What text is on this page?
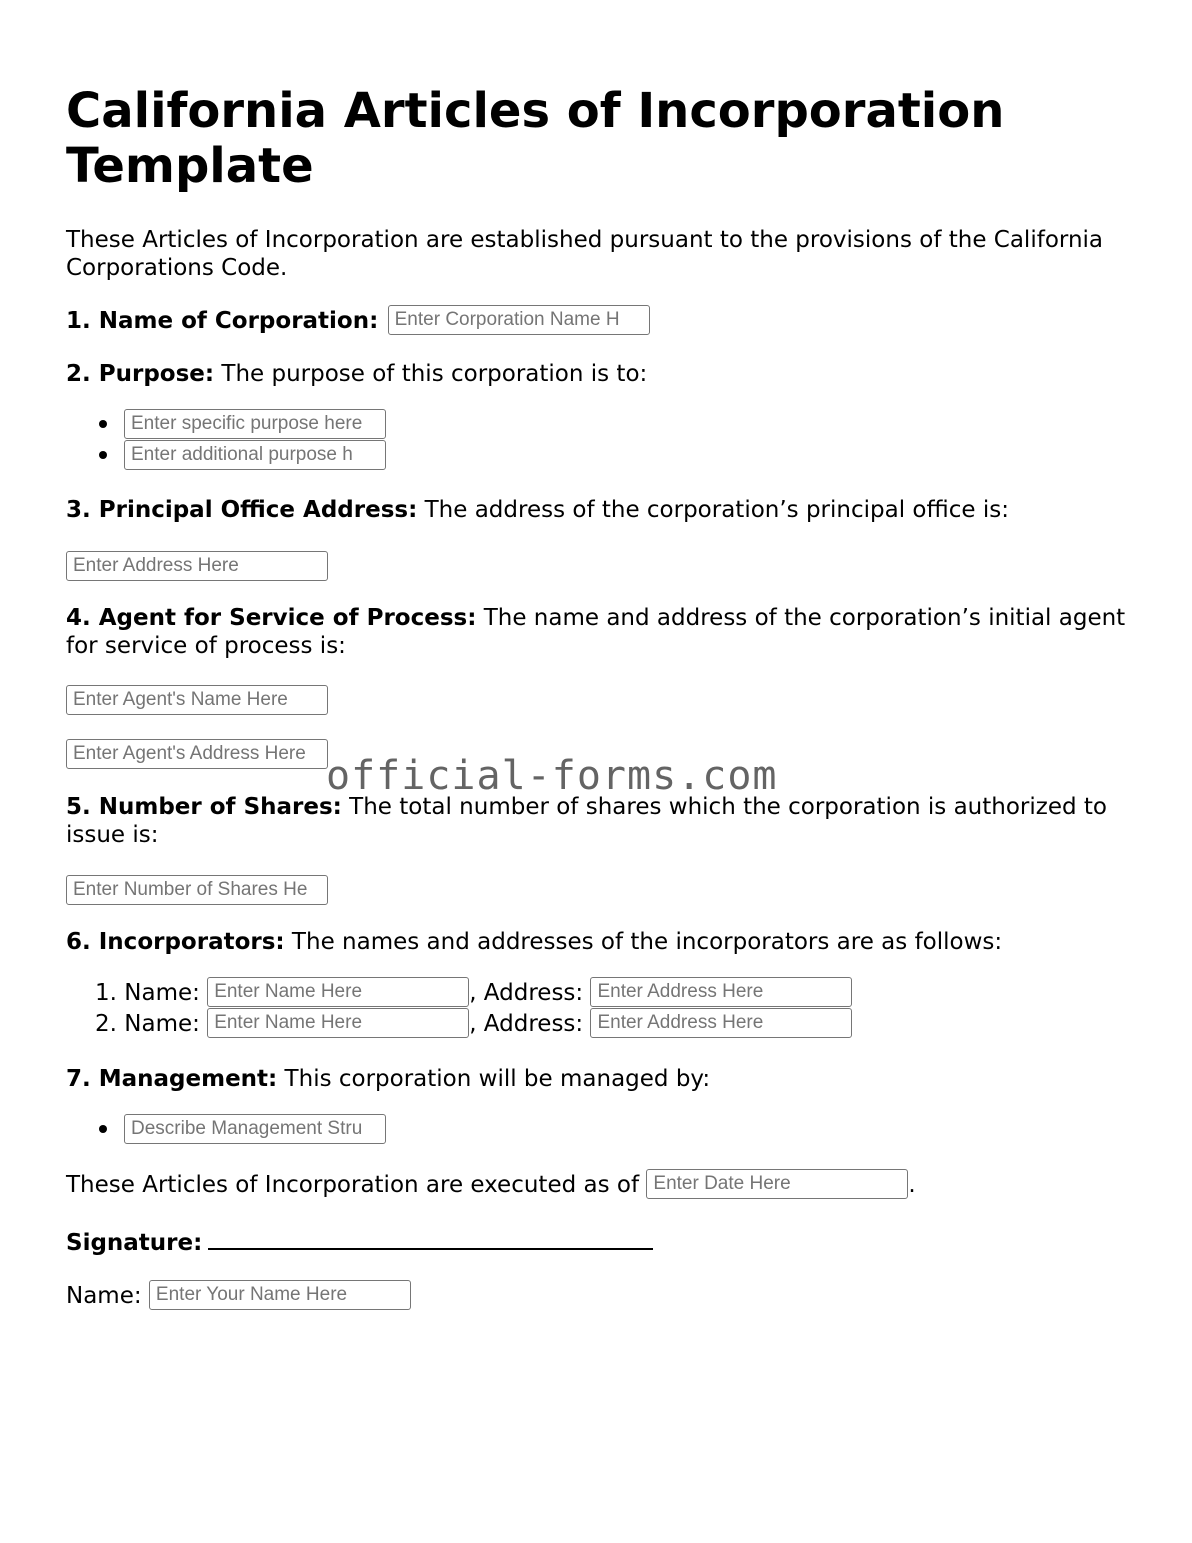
California Articles of Incorporation Template

These Articles of Incorporation are established pursuant to the provisions of the California Corporations Code.

1. Name of Corporation: Enter Corporation Name H

2. Purpose: The purpose of this corporation is to:

Enter specific purpose here
Enter additional purpose h

3. Principal Office Address: The address of the corporation’s principal office is:

Enter Address Here

4. Agent for Service of Process: The name and address of the corporation’s initial agent for service of process is:

Enter Agent's Name Here
Enter Agent's Address Here

5. Number of Shares: The total number of shares which the corporation is authorized to issue is:

Enter Number of Shares He

6. Incorporators: The names and addresses of the incorporators are as follows:

1. Name: Enter Name Here	, Address: Enter Address Here
2. Name: Enter Name Here	, Address: Enter Address Here

7. Management: This corporation will be managed by:

Describe Management Stru

These Articles of Incorporation are executed as of Enter Date Here	.

Signature:

Name: Enter Your Name Here

official-forms.com
